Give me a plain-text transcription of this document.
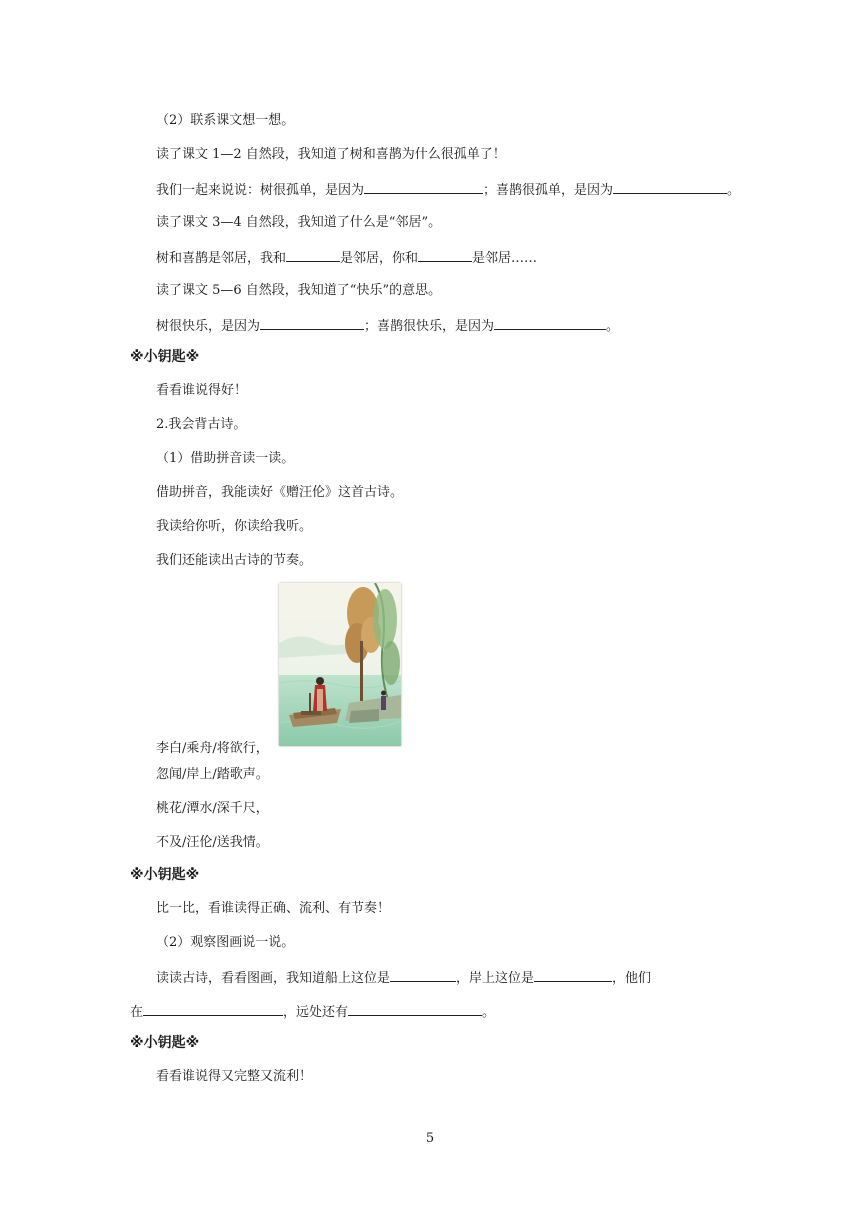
（2）联系课文想一想。
读了课文 1—2 自然段，我知道了树和喜鹊为什么很孤单了！
我们一起来说说：树很孤单，是因为	；喜鹊很孤单，是因为	。
读了课文 3—4 自然段，我知道了什么是“邻居”。
树和喜鹊是邻居，我和	是邻居，你和	是邻居……
读了课文 5—6 自然段，我知道了“快乐”的意思。
树很快乐，是因为	；喜鹊很快乐，是因为	。
※小钥匙※
看看谁说得好！
2.我会背古诗。
（1）借助拼音读一读。
借助拼音，我能读好《赠汪伦》这首古诗。
我读给你听，你读给我听。
我们还能读出古诗的节奏。
李白/乘舟/将欲行，
忽闻/岸上/踏歌声。
桃花/潭水/深千尺，
不及/汪伦/送我情。
※小钥匙※
比一比，看谁读得正确、流利、有节奏！
（2）观察图画说一说。
读读古诗，看看图画，我知道船上这位是	，岸上这位是	，他们
在	，远处还有	。
※小钥匙※
看看谁说得又完整又流利！
5
